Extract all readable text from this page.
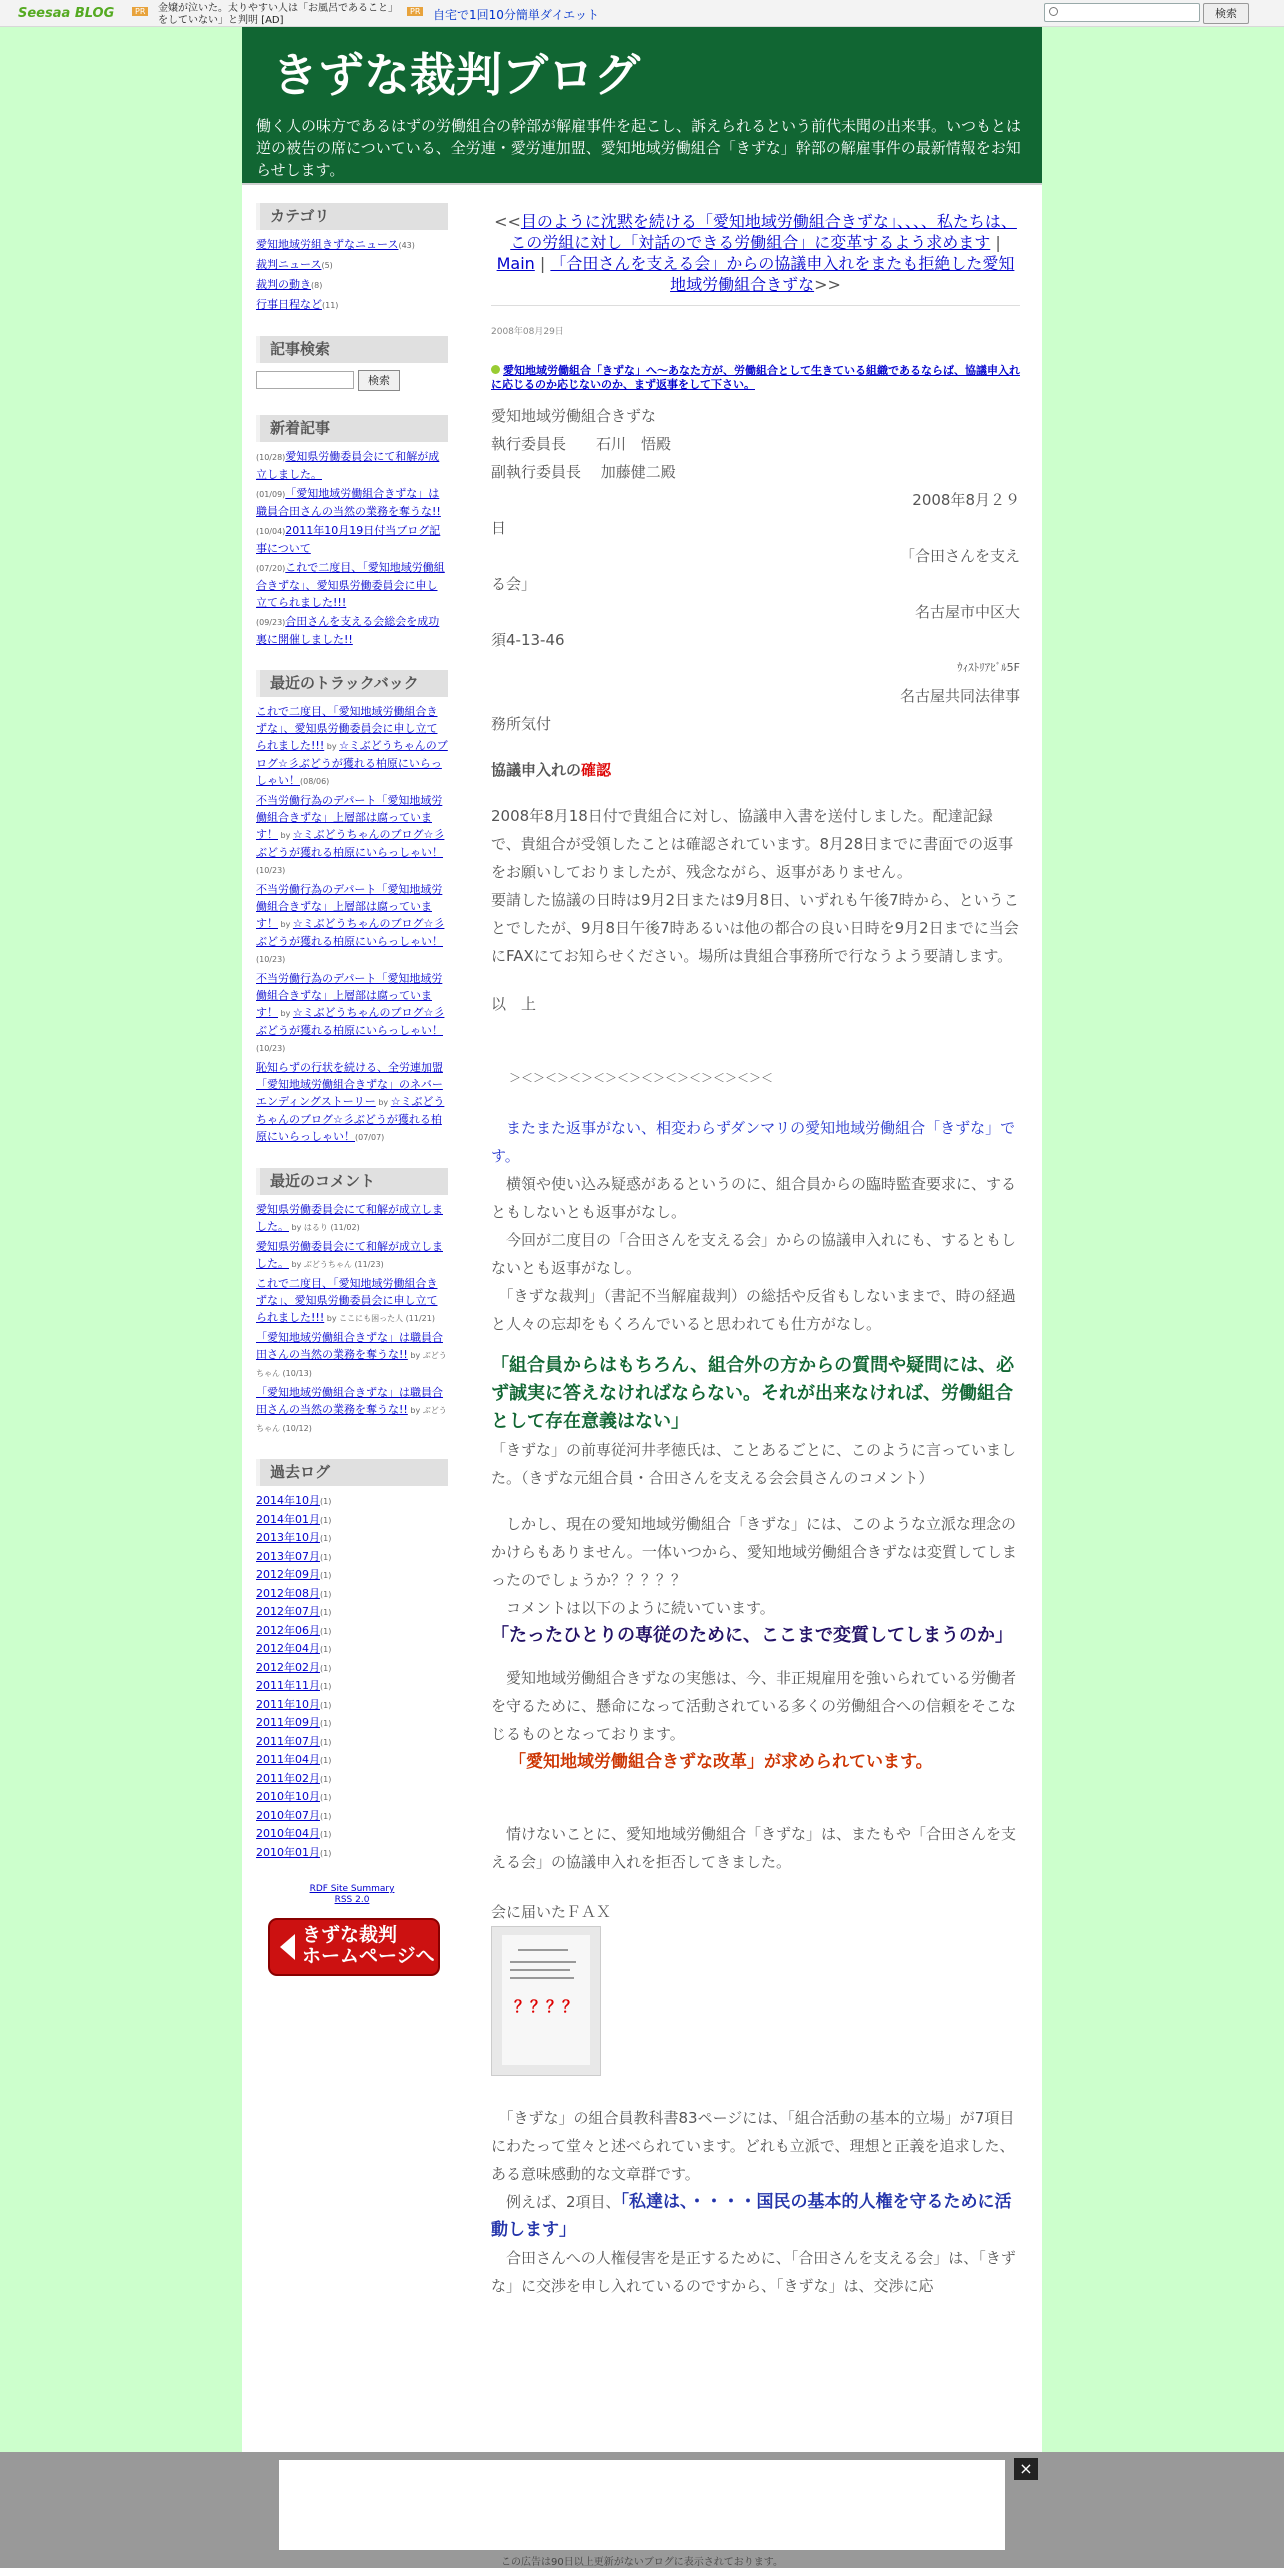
Seesaa BLOG	PR	金嬢が泣いた。太りやすい人は「お風呂であること」をしていない」と判明 [AD]
PR 自宅で1回10分簡単ダイエット	検索
きずな裁判ブログ
働く人の味方であるはずの労働組合の幹部が解雇事件を起こし、訴えられるという前代未聞の出来事。いつもとは逆の被告の席についている、全労連・愛労連加盟、愛知地域労働組合「きずな」幹部の解雇事件の最新情報をお知らせします。
カテゴリ
愛知地域労組きずなニュース(43)
裁判ニュース(5)
裁判の動き(8)
行事日程など(11)
記事検索
検索
新着記事
(10/28)愛知県労働委員会にて和解が成立しました。
(01/09)「愛知地域労働組合きずな」は職員合田さんの当然の業務を奪うな!!
(10/04)2011年10月19日付当ブログ記事について
(07/20)これで二度目、「愛知地域労働組合きずな」、愛知県労働委員会に申し立てられました!!!
(09/23)合田さんを支える会総会を成功裏に開催しました!!
最近のトラックバック
これで二度目、「愛知地域労働組合きずな」、愛知県労働委員会に申し立てられました!!! by ☆ミぶどうちゃんのブログ☆彡ぶどうが獲れる柏原にいらっしゃい！(08/06)
不当労働行為のデパート「愛知地域労働組合きずな」上層部は腐っています！ by ☆ミぶどうちゃんのブログ☆彡ぶどうが獲れる柏原にいらっしゃい！(10/23)
不当労働行為のデパート「愛知地域労働組合きずな」上層部は腐っています！ by ☆ミぶどうちゃんのブログ☆彡ぶどうが獲れる柏原にいらっしゃい！(10/23)
不当労働行為のデパート「愛知地域労働組合きずな」上層部は腐っています！ by ☆ミぶどうちゃんのブログ☆彡ぶどうが獲れる柏原にいらっしゃい！(10/23)
恥知らずの行状を続ける、全労連加盟「愛知地域労働組合きずな」のネバーエンディングストーリー by ☆ミぶどうちゃんのブログ☆彡ぶどうが獲れる柏原にいらっしゃい！(07/07)
最近のコメント
愛知県労働委員会にて和解が成立しました。 by はるり (11/02)
愛知県労働委員会にて和解が成立しました。 by ぶどうちゃん (11/23)
これで二度目、「愛知地域労働組合きずな」、愛知県労働委員会に申し立てられました!!! by ここにも困った人 (11/21)
「愛知地域労働組合きずな」は職員合田さんの当然の業務を奪うな!! by ぶどうちゃん (10/13)
「愛知地域労働組合きずな」は職員合田さんの当然の業務を奪うな!! by ぶどうちゃん (10/12)
過去ログ
2014年10月(1)
2014年01月(1)
2013年10月(1)
2013年07月(1)
2012年09月(1)
2012年08月(1)
2012年07月(1)
2012年06月(1)
2012年04月(1)
2012年02月(1)
2011年11月(1)
2011年10月(1)
2011年09月(1)
2011年07月(1)
2011年04月(1)
2011年02月(1)
2010年10月(1)
2010年07月(1)
2010年04月(1)
2010年01月(1)
RDF Site Summary
RSS 2.0
きずな裁判
ホームページへ
<<目のように沈黙を続ける「愛知地域労働組合きずな」、、、、私たちは、この労組に対し「対話のできる労働組合」に変革するよう求めます | Main | 「合田さんを支える会」からの協議申入れをまたも拒絶した愛知地域労働組合きずな>>
2008年08月29日
愛知地域労働組合「きずな」へ～あなた方が、労働組合として生きている組織であるならば、協議申入れに応じるのか応じないのか、まず返事をして下さい。
愛知地域労働組合きずな
執行委員長　　石川　悟殿
副執行委員長　 加藤健二殿
2008年8月２９
日
「合田さんを支え
る会」
名古屋市中区大
須4-13-46
ｳｨｽﾄﾘｱﾋﾞﾙ5F
名古屋共同法律事
務所気付
協議申入れの確認
2008年8月18日付で貴組合に対し、協議申入書を送付しました。配達記録で、貴組合が受領したことは確認されています。8月28日までに書面での返事をお願いしておりましたが、残念ながら、返事がありません。
要請した協議の日時は9月2日または9月8日、いずれも午後7時から、ということでしたが、9月8日午後7時あるいは他の都合の良い日時を9月2日までに当会にFAXにてお知らせください。場所は貴組合事務所で行なうよう要請します。
以　上
＞＜＞＜＞＜＞＜＞＜＞＜＞＜＞＜＞＜＞＜＞＜
　またまた返事がない、相変わらずダンマリの愛知地域労働組合「きずな」です。
　横領や使い込み疑惑があるというのに、組合員からの臨時監査要求に、するともしないとも返事がなし。
　今回が二度目の「合田さんを支える会」からの協議申入れにも、するともしないとも返事がなし。
　「きずな裁判」（書記不当解雇裁判）の総括や反省もしないままで、時の経過と人々の忘却をもくろんでいると思われても仕方がなし。
「組合員からはもちろん、組合外の方からの質問や疑問には、必ず誠実に答えなければならない。それが出来なければ、労働組合として存在意義はない」
「きずな」の前専従河井孝徳氏は、ことあるごとに、このように言っていました。（きずな元組合員・合田さんを支える会会員さんのコメント）
　しかし、現在の愛知地域労働組合「きずな」には、このような立派な理念のかけらもありません。一体いつから、愛知地域労働組合きずなは変質してしまったのでしょうか？？？？？
　コメントは以下のように続いています。
「たったひとりの専従のために、ここまで変質してしまうのか」
　愛知地域労働組合きずなの実態は、今、非正規雇用を強いられている労働者を守るために、懸命になって活動されている多くの労働組合への信頼をそこなじるものとなっております。
「愛知地域労働組合きずな改革」が求められています。
　情けないことに、愛知地域労働組合「きずな」は、またもや「合田さんを支える会」の協議申入れを拒否してきました。
会に届いたＦＡＸ
？？？？
　「きずな」の組合員教科書83ページには、「組合活動の基本的立場」が7項目にわたって堂々と述べられています。どれも立派で、理想と正義を追求した、ある意味感動的な文章群です。
　例えば、2項目、「私達は、・・・・国民の基本的人権を守るために活動します」
　合田さんへの人権侵害を是正するために、「合田さんを支える会」は、「きずな」に交渉を申し入れているのですから、「きずな」は、交渉に応
×
この広告は90日以上更新がないブログに表示されております。
